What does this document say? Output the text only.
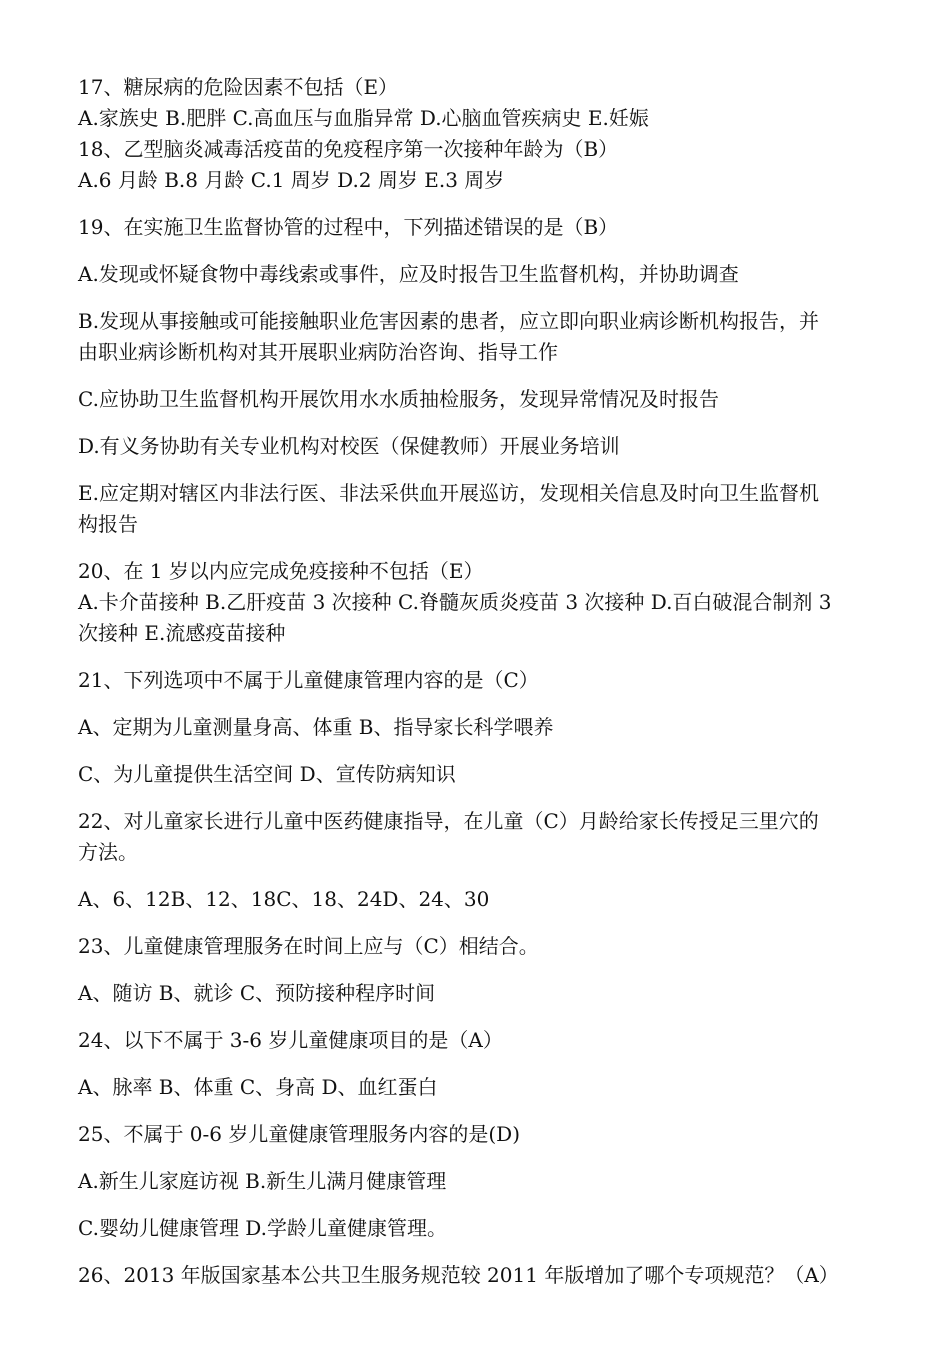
17、糖尿病的危险因素不包括（E）

A.家族史 B.肥胖 C.高血压与血脂异常 D.心脑血管疾病史 E.妊娠

18、乙型脑炎减毒活疫苗的免疫程序第一次接种年龄为（B）

A.6 月龄 B.8 月龄 C.1 周岁 D.2 周岁 E.3 周岁

19、在实施卫生监督协管的过程中，下列描述错误的是（B）

A.发现或怀疑食物中毒线索或事件，应及时报告卫生监督机构，并协助调查

B.发现从事接触或可能接触职业危害因素的患者，应立即向职业病诊断机构报告，并

由职业病诊断机构对其开展职业病防治咨询、指导工作

C.应协助卫生监督机构开展饮用水水质抽检服务，发现异常情况及时报告

D.有义务协助有关专业机构对校医（保健教师）开展业务培训

E.应定期对辖区内非法行医、非法采供血开展巡访，发现相关信息及时向卫生监督机

构报告

20、在 1 岁以内应完成免疫接种不包括（E）

A.卡介苗接种 B.乙肝疫苗 3 次接种 C.脊髓灰质炎疫苗 3 次接种 D.百白破混合制剂 3

次接种 E.流感疫苗接种

21、下列选项中不属于儿童健康管理内容的是（C）

A、定期为儿童测量身高、体重 B、指导家长科学喂养

C、为儿童提供生活空间 D、宣传防病知识

22、对儿童家长进行儿童中医药健康指导，在儿童（C）月龄给家长传授足三里穴的

方法。

A、6、12B、12、18C、18、24D、24、30

23、儿童健康管理服务在时间上应与（C）相结合。

A、随访 B、就诊 C、预防接种程序时间

24、以下不属于 3-6 岁儿童健康项目的是（A）

A、脉率 B、体重 C、身高 D、血红蛋白

25、不属于 0-6 岁儿童健康管理服务内容的是(D)

A.新生儿家庭访视 B.新生儿满月健康管理

C.婴幼儿健康管理 D.学龄儿童健康管理。

26、2013 年版国家基本公共卫生服务规范较 2011 年版增加了哪个专项规范？（A）
